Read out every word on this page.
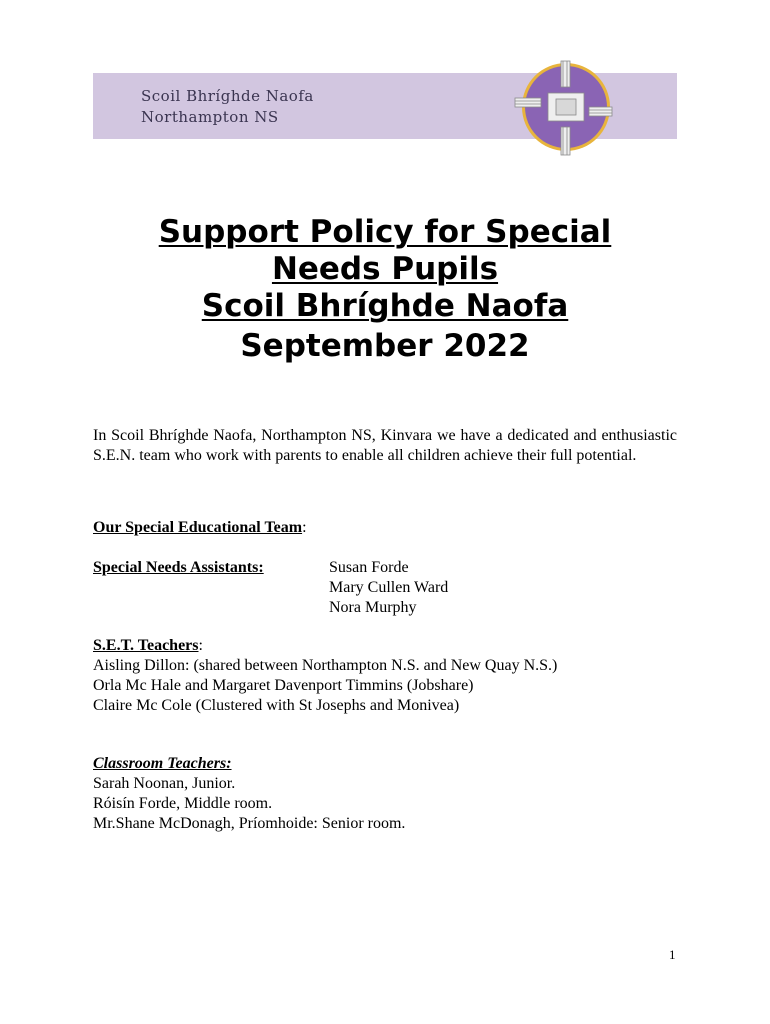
Scoil Bhríghde Naofa
Northampton NS
Support Policy for Special
Needs Pupils
Scoil Bhríghde Naofa
September 2022
In Scoil Bhríghde Naofa, Northampton NS, Kinvara we have a dedicated and enthusiastic S.E.N. team who work with parents to enable all children achieve their full potential.
Our Special Educational Team:
Special Needs Assistants:	Susan Forde
Mary Cullen Ward
Nora Murphy
S.E.T. Teachers:
Aisling Dillon: (shared between Northampton N.S. and New Quay N.S.)
Orla Mc Hale and Margaret Davenport Timmins (Jobshare)
Claire Mc Cole (Clustered with St Josephs and Monivea)
Classroom Teachers:
Sarah Noonan, Junior.
Róisín Forde, Middle room.
Mr.Shane McDonagh, Príomhoide: Senior room.
1
